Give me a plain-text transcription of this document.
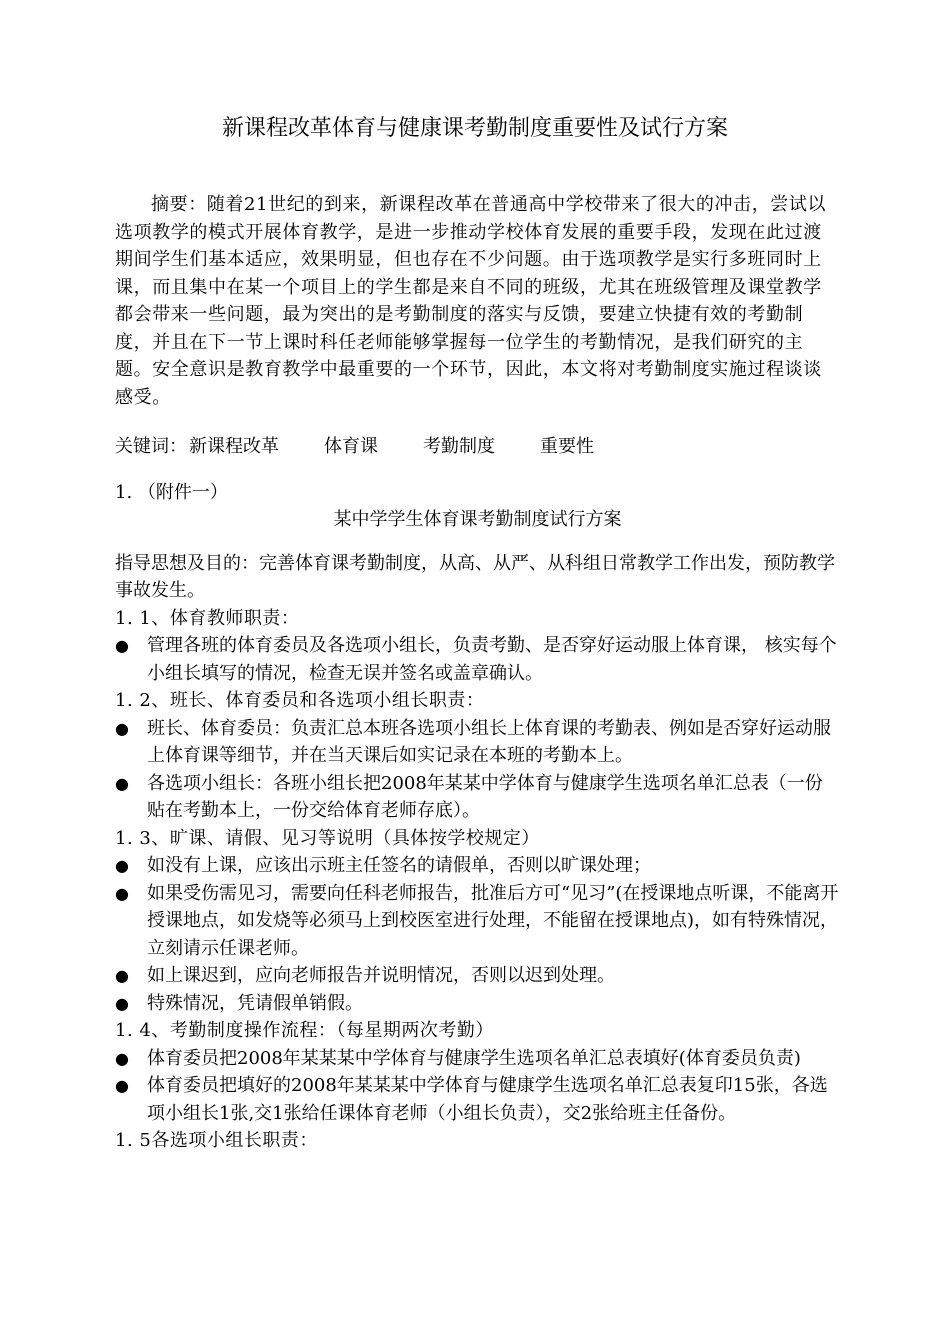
新课程改革体育与健康课考勤制度重要性及试行方案

摘要：随着21世纪的到来，新课程改革在普通高中学校带来了很大的冲击，尝试以选项教学的模式开展体育教学，是进一步推动学校体育发展的重要手段，发现在此过渡期间学生们基本适应，效果明显，但也存在不少问题。由于选项教学是实行多班同时上课，而且集中在某一个项目上的学生都是来自不同的班级，尤其在班级管理及课堂教学都会带来一些问题，最为突出的是考勤制度的落实与反馈，要建立快捷有效的考勤制度，并且在下一节上课时科任老师能够掌握每一位学生的考勤情况，是我们研究的主题。安全意识是教育教学中最重要的一个环节，因此，本文将对考勤制度实施过程谈谈感受。

关键词： 新课程改革	体育课	考勤制度	重要性

1. （附件一）

某中学学生体育课考勤制度试行方案

指导思想及目的：完善体育课考勤制度，从高、从严、从科组日常教学工作出发，预防教学事故发生。

1. 1、体育教师职责：

●	管理各班的体育委员及各选项小组长，负责考勤、是否穿好运动服上体育课， 核实每个小组长填写的情况，检查无误并签名或盖章确认。

1. 2、班长、体育委员和各选项小组长职责：

●	班长、体育委员：负责汇总本班各选项小组长上体育课的考勤表、例如是否穿好运动服上体育课等细节，并在当天课后如实记录在本班的考勤本上。
●	各选项小组长：各班小组长把2008年某某中学体育与健康学生选项名单汇总表（一份贴在考勤本上，一份交给体育老师存底）。

1. 3、旷课、请假、见习等说明（具体按学校规定）

●	如没有上课，应该出示班主任签名的请假单，否则以旷课处理；
●	如果受伤需见习，需要向任科老师报告，批准后方可“见习”(在授课地点听课，不能离开授课地点，如发烧等必须马上到校医室进行处理，不能留在授课地点)，如有特殊情况，立刻请示任课老师。
●	如上课迟到，应向老师报告并说明情况，否则以迟到处理。
●	特殊情况，凭请假单销假。

1. 4、考勤制度操作流程：（每星期两次考勤）

●	体育委员把2008年某某某中学体育与健康学生选项名单汇总表填好(体育委员负责)
●	体育委员把填好的2008年某某某中学体育与健康学生选项名单汇总表复印15张，各选项小组长1张,交1张给任课体育老师（小组长负责），交2张给班主任备份。

1. 5各选项小组长职责：
